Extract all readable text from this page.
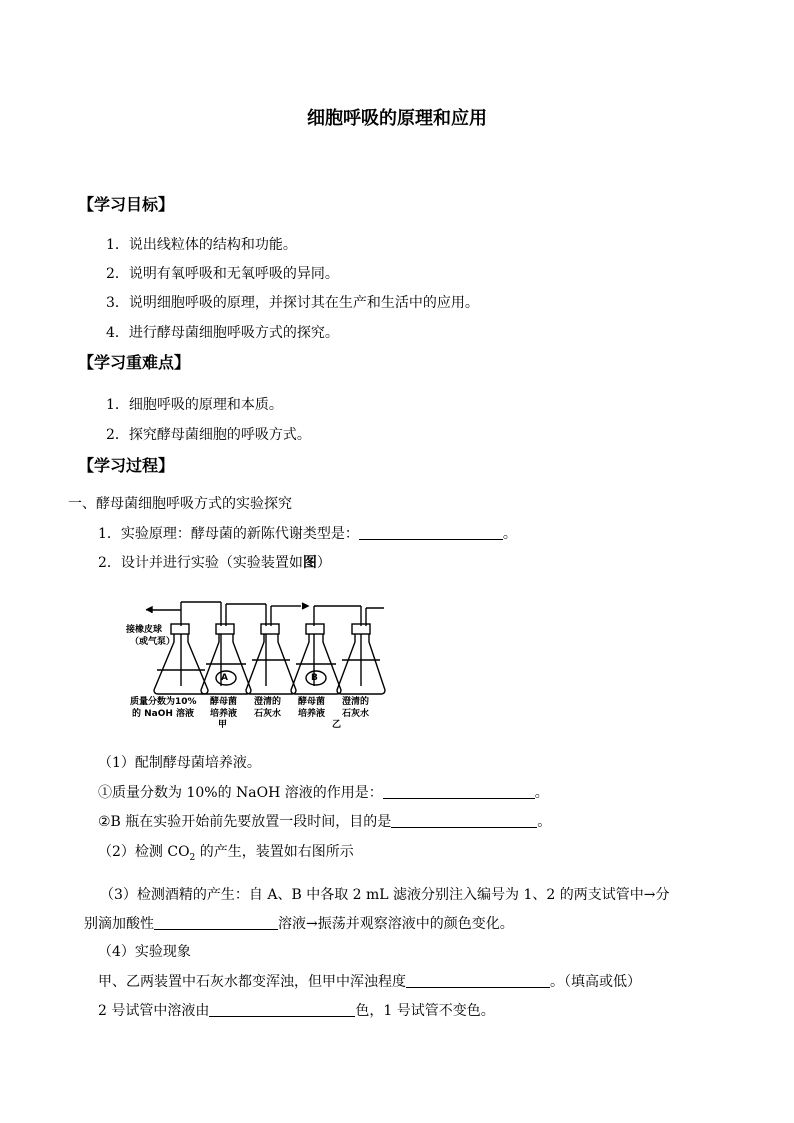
细胞呼吸的原理和应用
【学习目标】
1．说出线粒体的结构和功能。
2．说明有氧呼吸和无氧呼吸的异同。
3．说明细胞呼吸的原理，并探讨其在生产和生活中的应用。
4．进行酵母菌细胞呼吸方式的探究。
【学习重难点】
1．细胞呼吸的原理和本质。
2．探究酵母菌细胞的呼吸方式。
【学习过程】
一、酵母菌细胞呼吸方式的实验探究
1．实验原理：酵母菌的新陈代谢类型是：	。
2．设计并进行实验（实验装置如图）
接橡皮球
（或气泵）
A	B
质量分数为10%
的 NaOH 溶液
酵母菌
培养液
澄清的
石灰水
酵母菌
培养液
澄清的
石灰水
甲	乙
（1）配制酵母菌培养液。
①质量分数为 10%的 NaOH 溶液的作用是：	。
②B 瓶在实验开始前先要放置一段时间，目的是	。
（2）检测 $CO_2$ 的产生，装置如右图所示
（3）检测酒精的产生：自 A、B 中各取 2 mL 滤液分别注入编号为 1、2 的两支试管中→分
别滴加酸性	溶液→振荡并观察溶液中的颜色变化。
（4）实验现象
甲、乙两装置中石灰水都变浑浊，但甲中浑浊程度	。（填高或低）
2 号试管中溶液由	色，1 号试管不变色。
